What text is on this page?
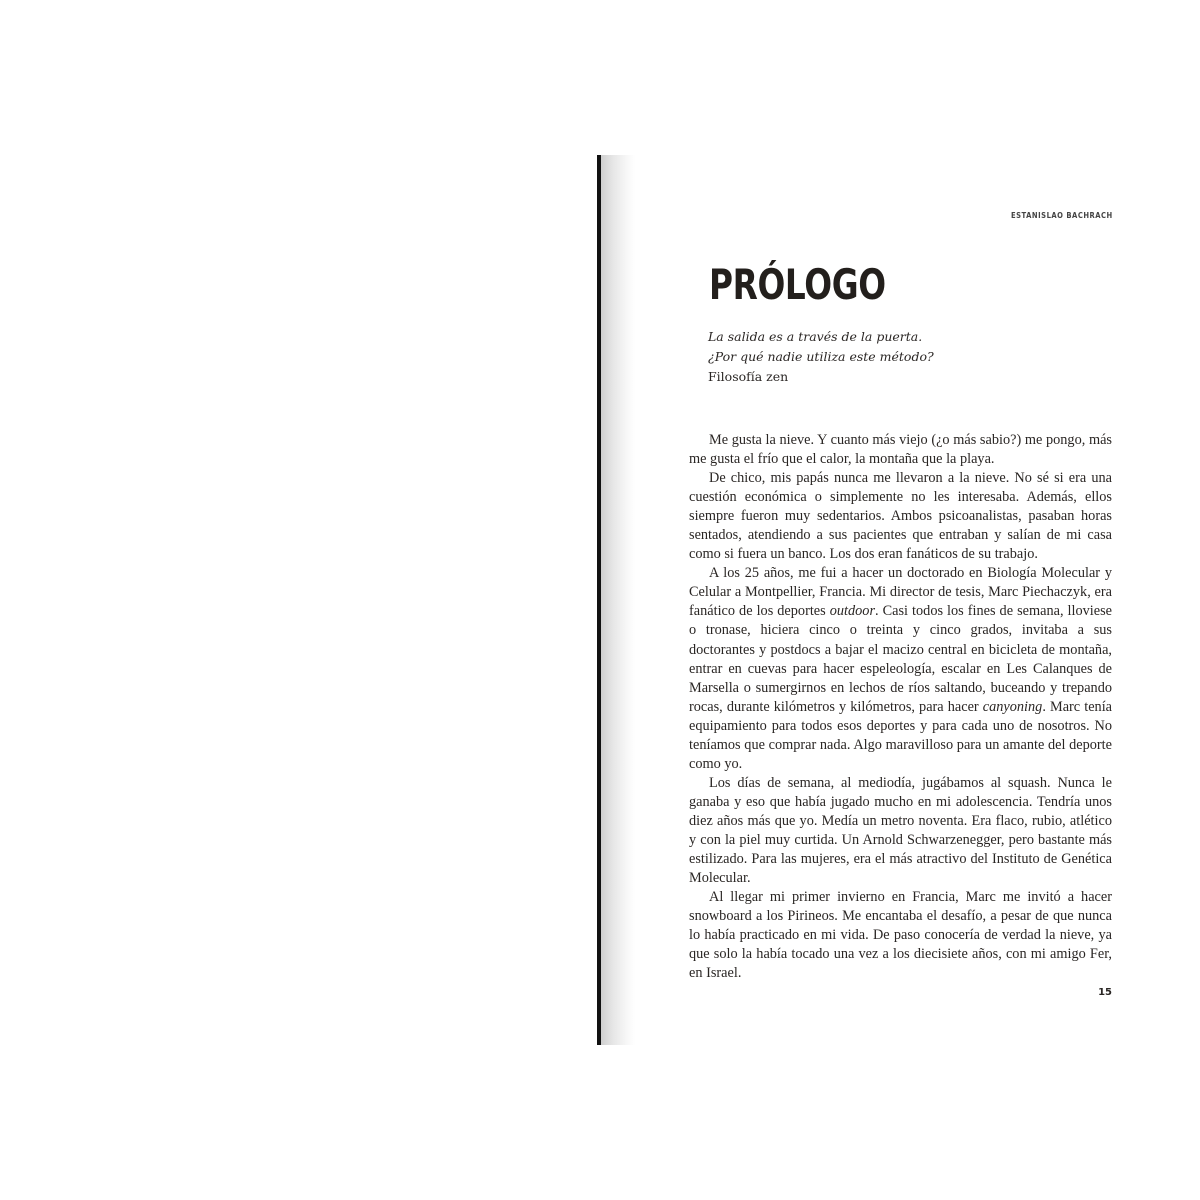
ESTANISLAO BACHRACH
PRÓLOGO
La salida es a través de la puerta.
¿Por qué nadie utiliza este método?
Filosofía zen

Me gusta la nieve. Y cuanto más viejo (¿o más sabio?) me pongo, más me gusta el frío que el calor, la montaña que la playa.

De chico, mis papás nunca me llevaron a la nieve. No sé si era una cuestión económica o simplemente no les interesaba. Además, ellos siempre fueron muy sedentarios. Ambos psicoanalistas, pasaban horas sentados, atendiendo a sus pacientes que entraban y salían de mi casa como si fuera un banco. Los dos eran fanáticos de su trabajo.

A los 25 años, me fui a hacer un doctorado en Biología Molecular y Celular a Montpellier, Francia. Mi director de tesis, Marc Piechaczyk, era fanático de los deportes outdoor. Casi todos los fines de semana, lloviese o tronase, hiciera cinco o treinta y cinco grados, invitaba a sus doctorantes y postdocs a bajar el macizo central en bicicleta de montaña, entrar en cuevas para hacer espeleología, escalar en Les Calanques de Marsella o sumergirnos en lechos de ríos saltando, buceando y trepando rocas, durante kilómetros y kilómetros, para hacer canyoning. Marc tenía equipamiento para todos esos deportes y para cada uno de nosotros. No teníamos que comprar nada. Algo maravilloso para un amante del deporte como yo.

Los días de semana, al mediodía, jugábamos al squash. Nunca le ganaba y eso que había jugado mucho en mi adolescencia. Tendría unos diez años más que yo. Medía un metro noventa. Era flaco, rubio, atlético y con la piel muy curtida. Un Arnold Schwarzenegger, pero bastante más estilizado. Para las mujeres, era el más atractivo del Instituto de Genética Molecular.

Al llegar mi primer invierno en Francia, Marc me invitó a hacer snowboard a los Pirineos. Me encantaba el desafío, a pesar de que nunca lo había practicado en mi vida. De paso conocería de verdad la nieve, ya que solo la había tocado una vez a los diecisiete años, con mi amigo Fer, en Israel.

15
